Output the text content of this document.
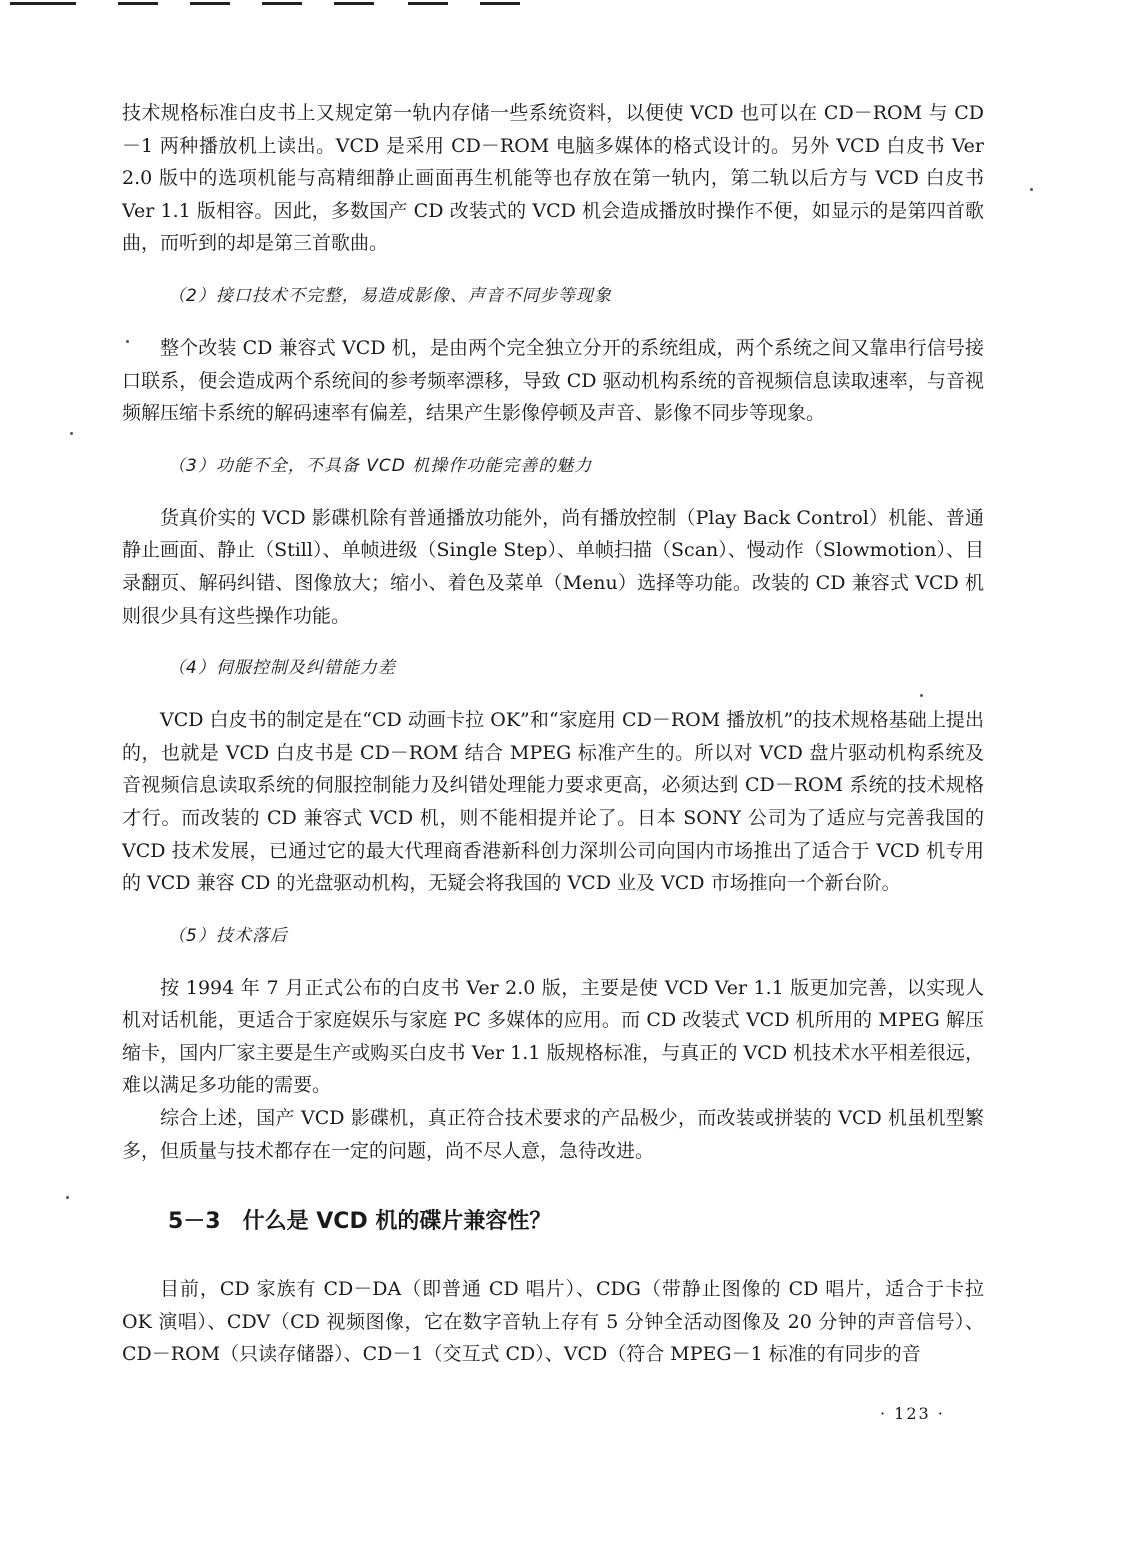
技术规格标准白皮书上又规定第一轨内存储一些系统资料，以便使 VCD 也可以在 CD－ROM 与 CD－1 两种播放机上读出。VCD 是采用 CD－ROM 电脑多媒体的格式设计的。另外 VCD 白皮书 Ver 2.0 版中的选项机能与高精细静止画面再生机能等也存放在第一轨内，第二轨以后方与 VCD 白皮书 Ver 1.1 版相容。因此，多数国产 CD 改装式的 VCD 机会造成播放时操作不便，如显示的是第四首歌曲，而听到的却是第三首歌曲。

（2）接口技术不完整，易造成影像、声音不同步等现象

整个改装 CD 兼容式 VCD 机，是由两个完全独立分开的系统组成，两个系统之间又靠串行信号接口联系，便会造成两个系统间的参考频率漂移，导致 CD 驱动机构系统的音视频信息读取速率，与音视频解压缩卡系统的解码速率有偏差，结果产生影像停顿及声音、影像不同步等现象。

（3）功能不全，不具备 VCD 机操作功能完善的魅力

货真价实的 VCD 影碟机除有普通播放功能外，尚有播放控制（Play Back Control）机能、普通静止画面、静止（Still）、单帧进级（Single Step）、单帧扫描（Scan）、慢动作（Slowmotion）、目录翻页、解码纠错、图像放大；缩小、着色及菜单（Menu）选择等功能。改装的 CD 兼容式 VCD 机则很少具有这些操作功能。

（4）伺服控制及纠错能力差

VCD 白皮书的制定是在“CD 动画卡拉 OK”和“家庭用 CD－ROM 播放机”的技术规格基础上提出的，也就是 VCD 白皮书是 CD－ROM 结合 MPEG 标准产生的。所以对 VCD 盘片驱动机构系统及音视频信息读取系统的伺服控制能力及纠错处理能力要求更高，必须达到 CD－ROM 系统的技术规格才行。而改装的 CD 兼容式 VCD 机，则不能相提并论了。日本 SONY 公司为了适应与完善我国的 VCD 技术发展，已通过它的最大代理商香港新科创力深圳公司向国内市场推出了适合于 VCD 机专用的 VCD 兼容 CD 的光盘驱动机构，无疑会将我国的 VCD 业及 VCD 市场推向一个新台阶。

（5）技术落后

按 1994 年 7 月正式公布的白皮书 Ver 2.0 版，主要是使 VCD Ver 1.1 版更加完善，以实现人机对话机能，更适合于家庭娱乐与家庭 PC 多媒体的应用。而 CD 改装式 VCD 机所用的 MPEG 解压缩卡，国内厂家主要是生产或购买白皮书 Ver 1.1 版规格标准，与真正的 VCD 机技术水平相差很远，难以满足多功能的需要。

综合上述，国产 VCD 影碟机，真正符合技术要求的产品极少，而改装或拼装的 VCD 机虽机型繁多，但质量与技术都存在一定的问题，尚不尽人意，急待改进。

5－3　什么是 VCD 机的碟片兼容性？

目前，CD 家族有 CD－DA（即普通 CD 唱片）、CDG（带静止图像的 CD 唱片，适合于卡拉 OK 演唱）、CDV（CD 视频图像，它在数字音轨上存有 5 分钟全活动图像及 20 分钟的声音信号）、CD－ROM（只读存储器）、CD－1（交互式 CD）、VCD（符合 MPEG－1 标准的有同步的音

· 123 ·
